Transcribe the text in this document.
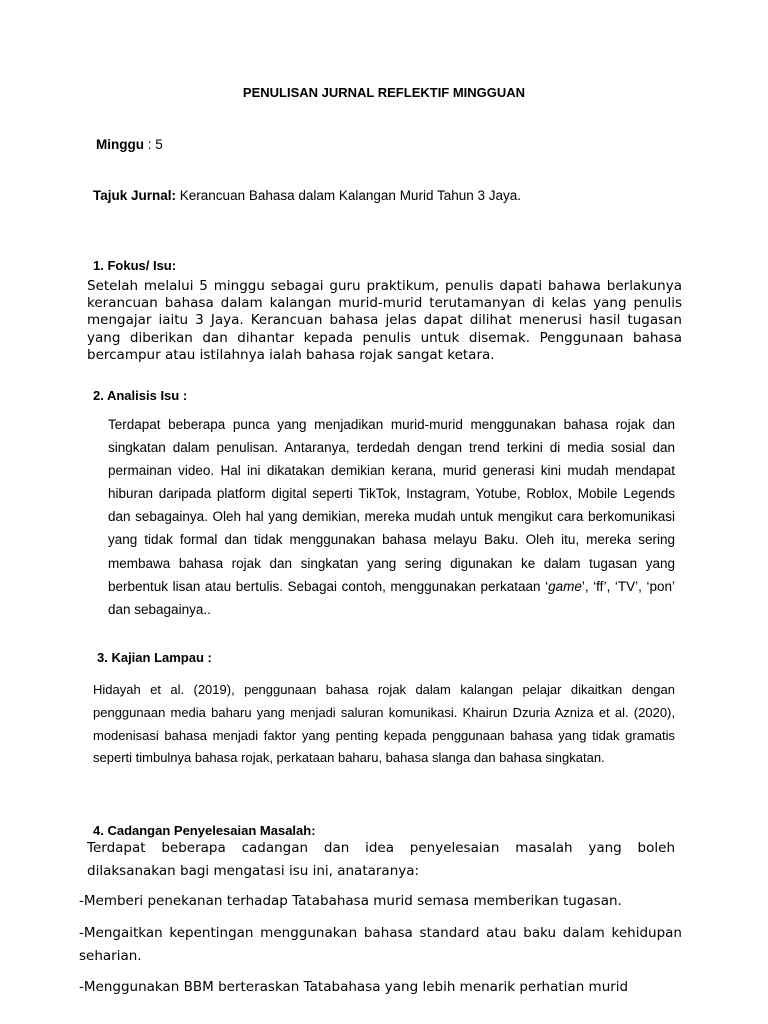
PENULISAN JURNAL REFLEKTIF MINGGUAN
Minggu : 5
Tajuk Jurnal: Kerancuan Bahasa dalam Kalangan Murid Tahun 3 Jaya.
1. Fokus/ Isu:
Setelah melalui 5 minggu sebagai guru praktikum, penulis dapati bahawa berlakunya kerancuan bahasa dalam kalangan murid-murid terutamanyan di kelas yang penulis mengajar iaitu 3 Jaya. Kerancuan bahasa jelas dapat dilihat menerusi hasil tugasan yang diberikan dan dihantar kepada penulis untuk disemak. Penggunaan bahasa bercampur atau istilahnya ialah bahasa rojak sangat ketara.
2. Analisis Isu :
Terdapat beberapa punca yang menjadikan murid-murid menggunakan bahasa rojak dan singkatan dalam penulisan. Antaranya, terdedah dengan trend terkini di media sosial dan permainan video. Hal ini dikatakan demikian kerana, murid generasi kini mudah mendapat hiburan daripada platform digital seperti TikTok, Instagram, Yotube, Roblox, Mobile Legends dan sebagainya. Oleh hal yang demikian, mereka mudah untuk mengikut cara berkomunikasi yang tidak formal dan tidak menggunakan bahasa melayu Baku. Oleh itu, mereka sering membawa bahasa rojak dan singkatan yang sering digunakan ke dalam tugasan yang berbentuk lisan atau bertulis. Sebagai contoh, menggunakan perkataan ‘game’, ‘ff’, ‘TV’, ‘pon’ dan sebagainya..
3. Kajian Lampau :
Hidayah et al. (2019), penggunaan bahasa rojak dalam kalangan pelajar dikaitkan dengan penggunaan media baharu yang menjadi saluran komunikasi. Khairun Dzuria Azniza et al. (2020), modenisasi bahasa menjadi faktor yang penting kepada penggunaan bahasa yang tidak gramatis seperti timbulnya bahasa rojak, perkataan baharu, bahasa slanga dan bahasa singkatan.
4. Cadangan Penyelesaian Masalah:
Terdapat beberapa cadangan dan idea penyelesaian masalah yang boleh dilaksanakan bagi mengatasi isu ini, anataranya:
-Memberi penekanan terhadap Tatabahasa murid semasa memberikan tugasan.
-Mengaitkan kepentingan menggunakan bahasa standard atau baku dalam kehidupan seharian.
-Menggunakan BBM berteraskan Tatabahasa yang lebih menarik perhatian murid
